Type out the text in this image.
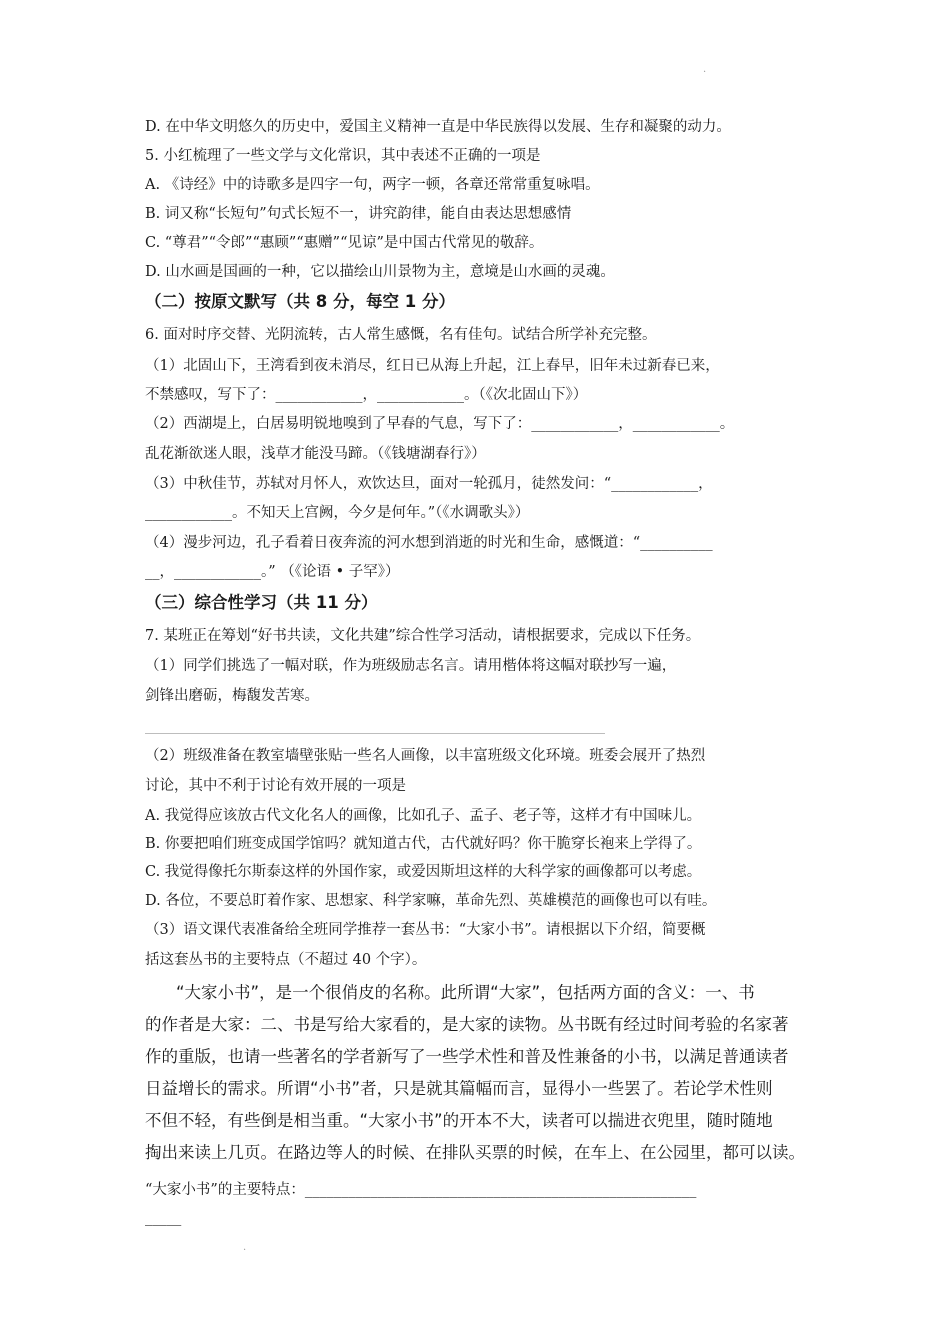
.
D. 在中华文明悠久的历史中，爱国主义精神一直是中华民族得以发展、生存和凝聚的动力。
5. 小红梳理了一些文学与文化常识，其中表述不正确的一项是
A. 《诗经》中的诗歌多是四字一句，两字一顿，各章还常常重复咏唱。
B. 词又称“长短句”句式长短不一，讲究韵律，能自由表达思想感情
C. “尊君”“令郎”“惠顾”“惠赠”“见谅”是中国古代常见的敬辞。
D. 山水画是国画的一种，它以描绘山川景物为主，意境是山水画的灵魂。
（二）按原文默写（共 8 分，每空 1 分）
6. 面对时序交替、光阴流转，古人常生感慨，名有佳句。试结合所学补充完整。
（1）北固山下，王湾看到夜未消尽，红日已从海上升起，江上春早，旧年未过新春已来，
不禁感叹，写下了：____________，____________。（《次北固山下》）
（2）西湖堤上，白居易明锐地嗅到了早春的气息，写下了：____________，____________。
乱花渐欲迷人眼，浅草才能没马蹄。（《钱塘湖春行》）
（3）中秋佳节，苏轼对月怀人，欢饮达旦，面对一轮孤月，徒然发问：“____________，
____________。不知天上宫阙，今夕是何年。”（《水调歌头》）
（4）漫步河边，孔子看着日夜奔流的河水想到消逝的时光和生命，感慨道：“__________
__，____________。” （《论语 • 子罕》）
（三）综合性学习（共 11 分）
7. 某班正在筹划“好书共读，文化共建”综合性学习活动，请根据要求，完成以下任务。
（1）同学们挑选了一幅对联，作为班级励志名言。请用楷体将这幅对联抄写一遍，
剑锋出磨砺，梅馥发苦寒。
（2）班级准备在教室墙壁张贴一些名人画像，以丰富班级文化环境。班委会展开了热烈
讨论，其中不利于讨论有效开展的一项是
A. 我觉得应该放古代文化名人的画像，比如孔子、孟子、老子等，这样才有中国味儿。
B. 你要把咱们班变成国学馆吗？就知道古代，古代就好吗？你干脆穿长袍来上学得了。
C. 我觉得像托尔斯泰这样的外国作家，或爱因斯坦这样的大科学家的画像都可以考虑。
D. 各位，不要总盯着作家、思想家、科学家嘛，革命先烈、英雄模范的画像也可以有哇。
（3）语文课代表准备给全班同学推荐一套丛书：“大家小书”。请根据以下介绍，简要概
括这套丛书的主要特点（不超过 40 个字）。
“大家小书”，是一个很俏皮的名称。此所谓“大家”，包括两方面的含义：一、书
的作者是大家：二、书是写给大家看的，是大家的读物。丛书既有经过时间考验的名家著
作的重版，也请一些著名的学者新写了一些学术性和普及性兼备的小书，以满足普通读者
日益增长的需求。所谓“小书”者，只是就其篇幅而言，显得小一些罢了。若论学术性则
不但不轻，有些倒是相当重。“大家小书”的开本不大，读者可以揣进衣兜里，随时随地
掏出来读上几页。在路边等人的时候、在排队买票的时候，在车上、在公园里，都可以读。
“大家小书”的主要特点：______________________________________________________
_____
.
